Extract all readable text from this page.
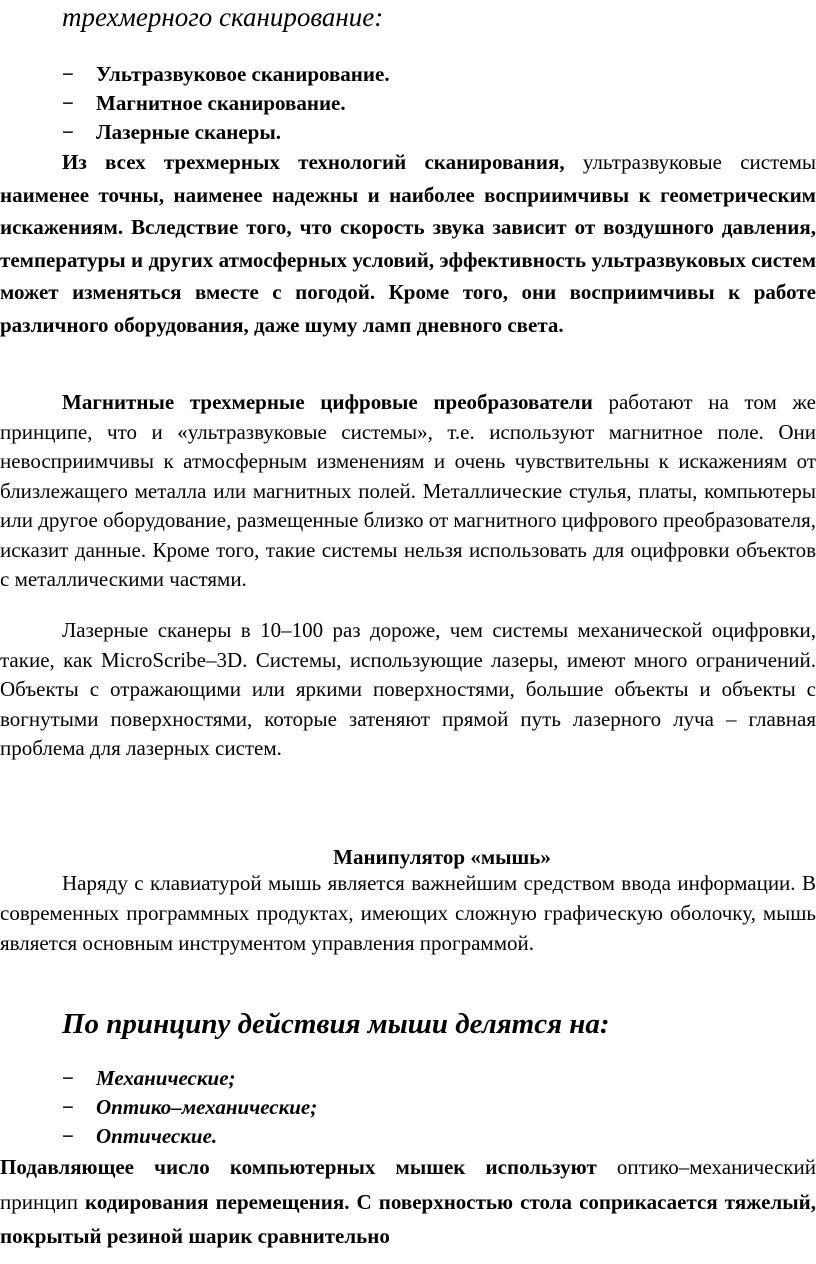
трехмерного сканирование:
− Ультразвуковое сканирование.
− Магнитное сканирование.
− Лазерные сканеры.
Из всех трехмерных технологий сканирования, ультразвуковые системы наименее точны, наименее надежны и наиболее восприимчивы к геометрическим искажениям. Вследствие того, что скорость звука зависит от воздушного давления, температуры и других атмосферных условий, эффективность ультразвуковых систем может изменяться вместе с погодой. Кроме того, они восприимчивы к работе различного оборудования, даже шуму ламп дневного света.
Магнитные трехмерные цифровые преобразователи работают на том же принципе, что и «ультразвуковые системы», т.е. используют магнитное поле. Они невосприимчивы к атмосферным изменениям и очень чувствительны к искажениям от близлежащего металла или магнитных полей. Металлические стулья, платы, компьютеры или другое оборудование, размещенные близко от магнитного цифрового преобразователя, исказит данные. Кроме того, такие системы нельзя использовать для оцифровки объектов с металлическими частями.
Лазерные сканеры в 10–100 раз дороже, чем системы механической оцифровки, такие, как MicroScribe–3D. Системы, использующие лазеры, имеют много ограничений. Объекты с отражающими или яркими поверхностями, большие объекты и объекты с вогнутыми поверхностями, которые затеняют прямой путь лазерного луча – главная проблема для лазерных систем.
Манипулятор «мышь»
Наряду с клавиатурой мышь является важнейшим средством ввода информации. В современных программных продуктах, имеющих сложную графическую оболочку, мышь является основным инструментом управления программой.
По принципу действия мыши делятся на:
− Механические;
− Оптико–механические;
− Оптические.
Подавляющее число компьютерных мышек используют оптико–механический принцип кодирования перемещения. С поверхностью стола соприкасается тяжелый, покрытый резиной шарик сравнительно
